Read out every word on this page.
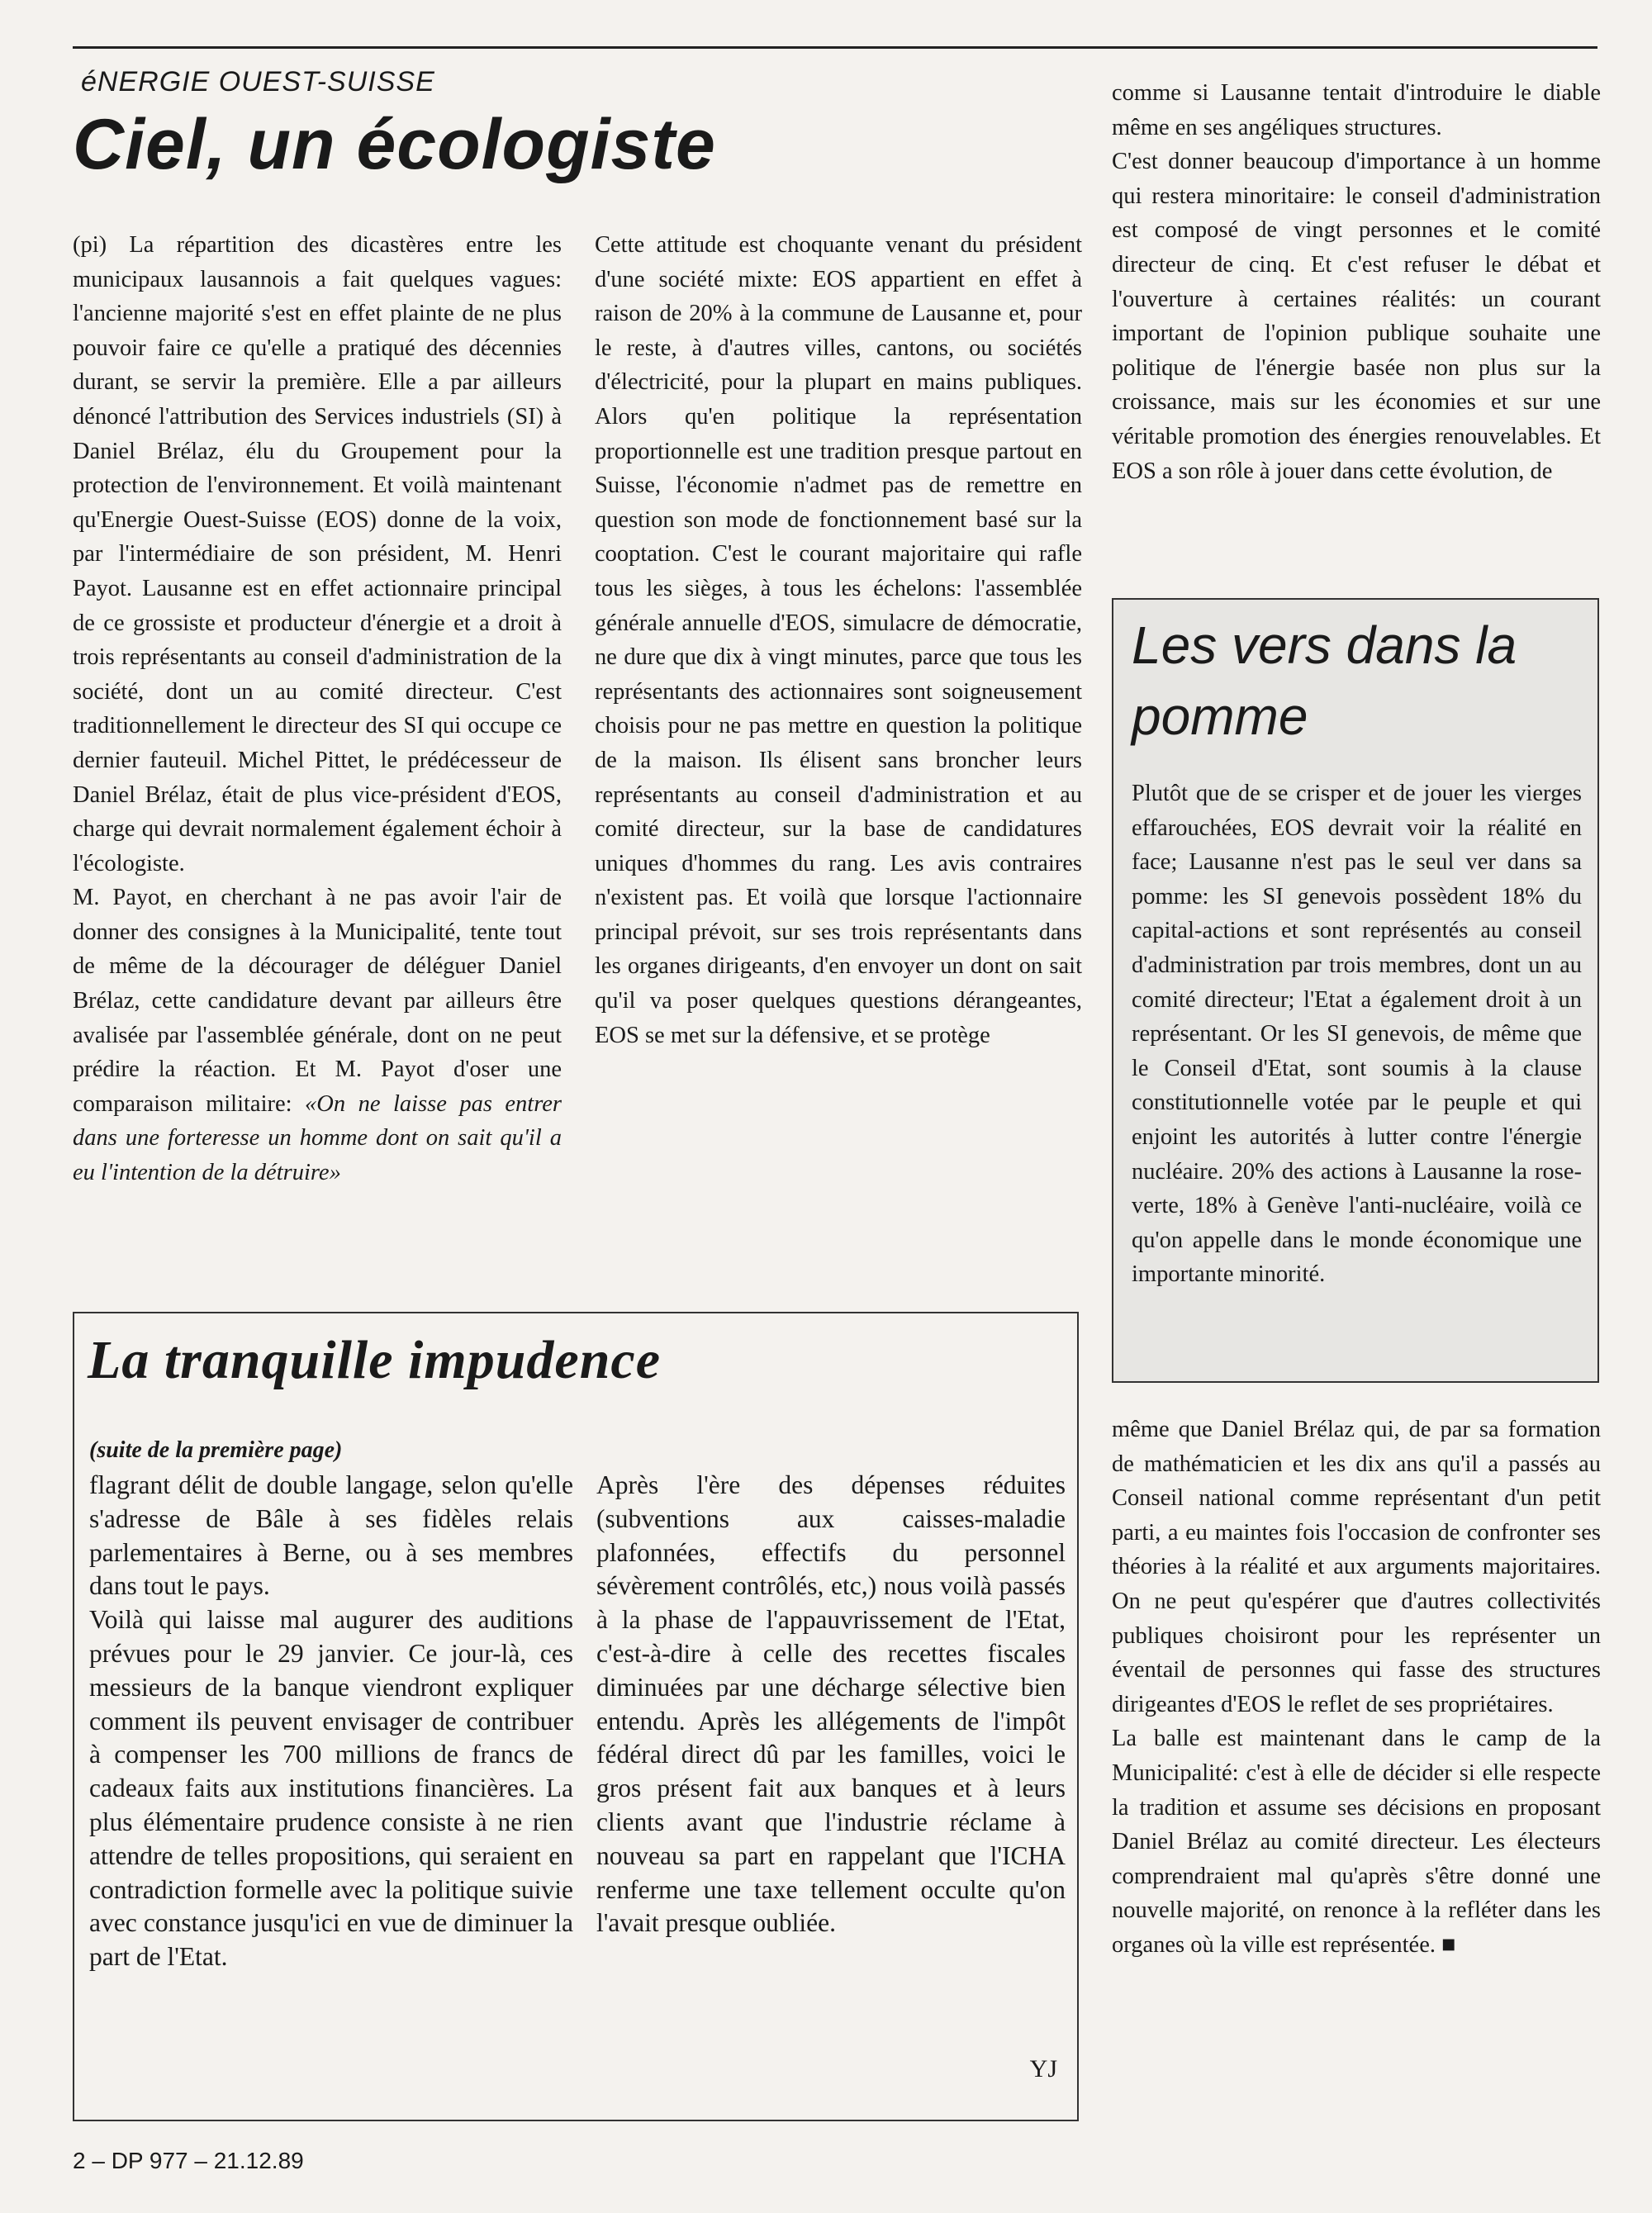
éNERGIE OUEST-SUISSE
Ciel, un écologiste

(pi) La répartition des dicastères entre les municipaux lausannois a fait quelques vagues: l'ancienne majorité s'est en effet plainte de ne plus pouvoir faire ce qu'elle a pratiqué des décennies durant, se servir la première. Elle a par ailleurs dénoncé l'attribution des Services industriels (SI) à Daniel Brélaz, élu du Groupement pour la protection de l'environnement. Et voilà maintenant qu'Energie Ouest-Suisse (EOS) donne de la voix, par l'intermédiaire de son président, M. Henri Payot. Lausanne est en effet actionnaire principal de ce grossiste et producteur d'énergie et a droit à trois représentants au conseil d'administration de la société, dont un au comité directeur. C'est traditionnellement le directeur des SI qui occupe ce dernier fauteuil. Michel Pittet, le prédécesseur de Daniel Brélaz, était de plus vice-président d'EOS, charge qui devrait normalement également échoir à l'écologiste.

M. Payot, en cherchant à ne pas avoir l'air de donner des consignes à la Municipalité, tente tout de même de la décourager de déléguer Daniel Brélaz, cette candidature devant par ailleurs être avalisée par l'assemblée générale, dont on ne peut prédire la réaction. Et M. Payot d'oser une comparaison militaire: «On ne laisse pas entrer dans une forteresse un homme dont on sait qu'il a eu l'intention de la détruire»

Cette attitude est choquante venant du président d'une société mixte: EOS appartient en effet à raison de 20% à la commune de Lausanne et, pour le reste, à d'autres villes, cantons, ou sociétés d'électricité, pour la plupart en mains publiques. Alors qu'en politique la représentation proportionnelle est une tradition presque partout en Suisse, l'économie n'admet pas de remettre en question son mode de fonctionnement basé sur la cooptation. C'est le courant majoritaire qui rafle tous les sièges, à tous les échelons: l'assemblée générale annuelle d'EOS, simulacre de démocratie, ne dure que dix à vingt minutes, parce que tous les représentants des actionnaires sont soigneusement choisis pour ne pas mettre en question la politique de la maison. Ils élisent sans broncher leurs représentants au conseil d'administration et au comité directeur, sur la base de candidatures uniques d'hommes du rang. Les avis contraires n'existent pas. Et voilà que lorsque l'actionnaire principal prévoit, sur ses trois représentants dans les organes dirigeants, d'en envoyer un dont on sait qu'il va poser quelques questions dérangeantes, EOS se met sur la défensive, et se protège

comme si Lausanne tentait d'introduire le diable même en ses angéliques structures.

C'est donner beaucoup d'importance à un homme qui restera minoritaire: le conseil d'administration est composé de vingt personnes et le comité directeur de cinq. Et c'est refuser le débat et l'ouverture à certaines réalités: un courant important de l'opinion publique souhaite une politique de l'énergie basée non plus sur la croissance, mais sur les économies et sur une véritable promotion des énergies renouvelables. Et EOS a son rôle à jouer dans cette évolution, de

Les vers dans la pomme
Plutôt que de se crisper et de jouer les vierges effarouchées, EOS devrait voir la réalité en face; Lausanne n'est pas le seul ver dans sa pomme: les SI genevois possèdent 18% du capital-actions et sont représentés au conseil d'administration par trois membres, dont un au comité directeur; l'Etat a également droit à un représentant. Or les SI genevois, de même que le Conseil d'Etat, sont soumis à la clause constitutionnelle votée par le peuple et qui enjoint les autorités à lutter contre l'énergie nucléaire. 20% des actions à Lausanne la rose-verte, 18% à Genève l'anti-nucléaire, voilà ce qu'on appelle dans le monde économique une importante minorité.

même que Daniel Brélaz qui, de par sa formation de mathématicien et les dix ans qu'il a passés au Conseil national comme représentant d'un petit parti, a eu maintes fois l'occasion de confronter ses théories à la réalité et aux arguments majoritaires. On ne peut qu'espérer que d'autres collectivités publiques choisiront pour les représenter un éventail de personnes qui fasse des structures dirigeantes d'EOS le reflet de ses propriétaires.

La balle est maintenant dans le camp de la Municipalité: c'est à elle de décider si elle respecte la tradition et assume ses décisions en proposant Daniel Brélaz au comité directeur. Les électeurs comprendraient mal qu'après s'être donné une nouvelle majorité, on renonce à la refléter dans les organes où la ville est représentée. ■

La tranquille impudence
(suite de la première page)
flagrant délit de double langage, selon qu'elle s'adresse de Bâle à ses fidèles relais parlementaires à Berne, ou à ses membres dans tout le pays.
Voilà qui laisse mal augurer des auditions prévues pour le 29 janvier. Ce jour-là, ces messieurs de la banque viendront expliquer comment ils peuvent envisager de contribuer à compenser les 700 millions de francs de cadeaux faits aux institutions financières. La plus élémentaire prudence consiste à ne rien attendre de telles propositions, qui seraient en contradiction formelle avec la politique suivie avec constance jusqu'ici en vue de diminuer la part de l'Etat.
Après l'ère des dépenses réduites (subventions aux caisses-maladie plafonnées, effectifs du personnel sévèrement contrôlés, etc,) nous voilà passés à la phase de l'appauvrissement de l'Etat, c'est-à-dire à celle des recettes fiscales diminuées par une décharge sélective bien entendu. Après les allégements de l'impôt fédéral direct dû par les familles, voici le gros présent fait aux banques et à leurs clients avant que l'industrie réclame à nouveau sa part en rappelant que l'ICHA renferme une taxe tellement occulte qu'on l'avait presque oubliée.
YJ
2 – DP 977 – 21.12.89
